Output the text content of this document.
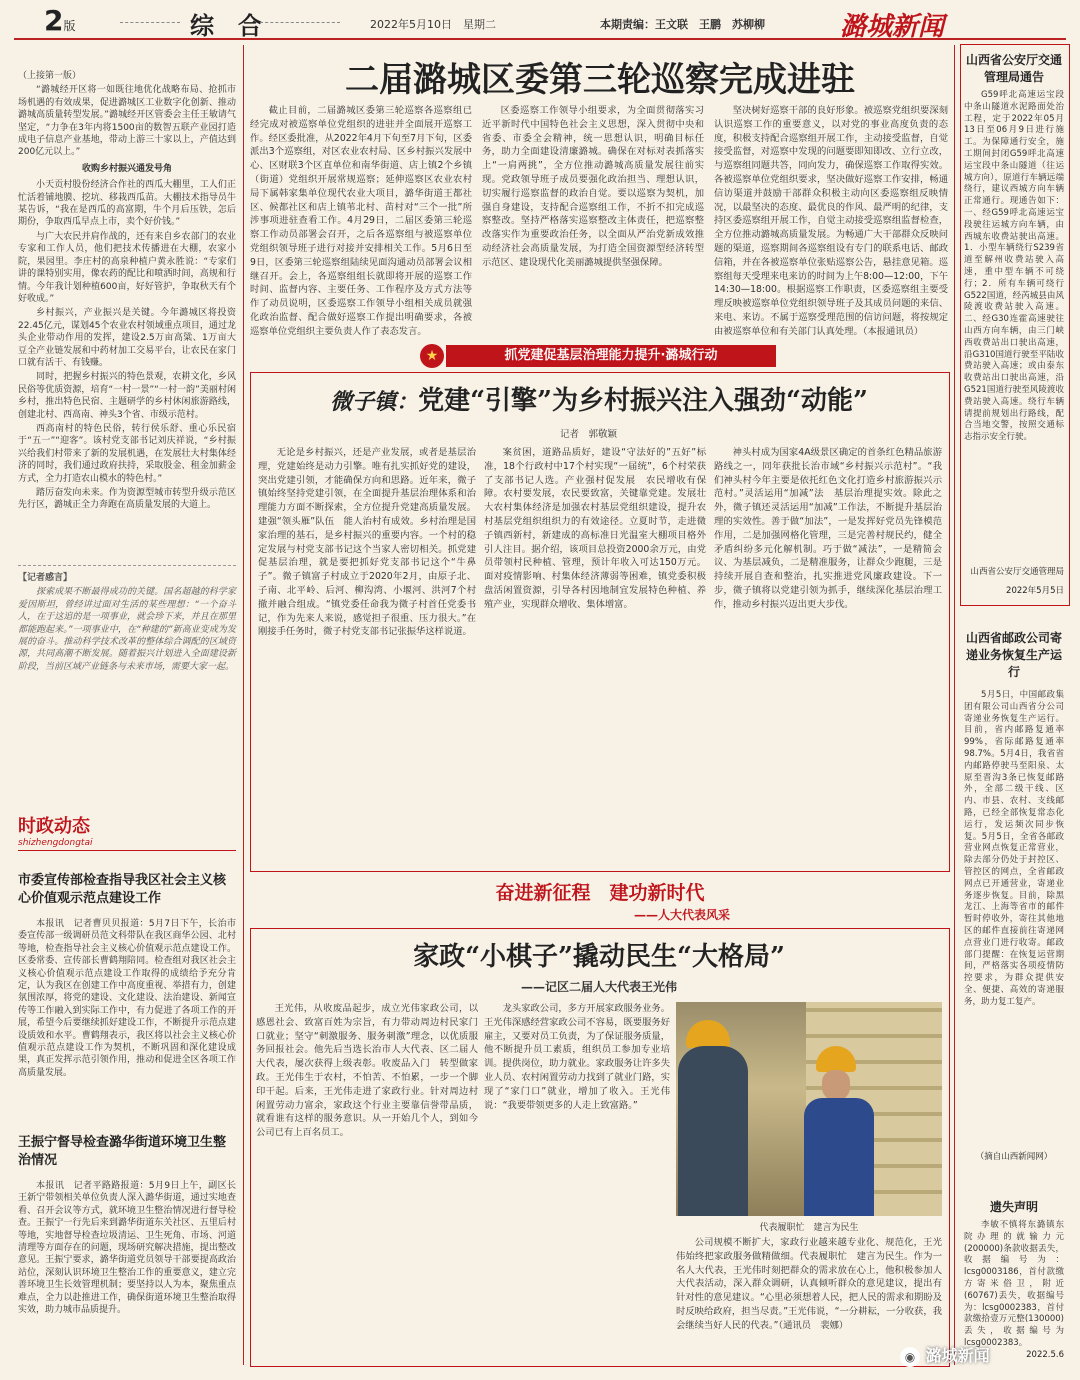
2版	综　合	2022年5月10日　星期二	本期责编：王文联　王鹏　苏柳柳	潞城新闻

（上接第一版）

“潞城经开区将一如既往地优化战略布局、抢抓市场机遇的有效成果，促进潞城区工业数字化创新、推动潞城高质量转型发展。”潞城经开区管委会主任王敏请气坚定，“力争在3年内将1500亩的数智五联产业园打造成电子信息产业基地，带动上游三十家以上，产值达到200亿元以上。”

收购乡村振兴通发号角

小天贡村股份经济合作社的西瓜大棚里，工人们正忙活着铺地膜、挖坑、移栽西瓜苗。大棚技术指导员牛某告诉，“我在是西瓜的高富期，牛个月后压铁，怎后期份，争取西瓜早点上市，卖个好价钱。”

与广大农民并肩作战的，还有来自乡农部门的农业专家和工作人员，他们把技术传播进在大棚，农家小院，果园里。李庄村的高泉种植户黄永胜说：“专家们讲的课特别实用，像农药的配比和喷洒时间，高规和行情。今年我计划种植600亩，好好管护，争取秋天有个好收成。”

乡村振兴，产业振兴是关键。今年潞城区将投资22.45亿元，谋划45个农业农村领域重点项目，通过龙头企业带动作用的发挥，建设2.5万亩高粱、1万亩大豆全产业链发展和中药材加工交易平台，让农民在家门口就有活干、有钱赚。

同时，把握乡村振兴的特色景观，农耕文化，乡风民俗等优质资源，培育“一村一景”“一村一韵”美丽村闲乡村，推出特色民宿、主题研学的乡村休闲旅游路线，创建北村、西高南、神头3个省、市级示范村。

西高南村的特色民俗，转行侯乐舒、重心乐民宿于“五一”“迎客”。该村党支部书记刘庆祥说，“乡村振兴给我们村带来了新的发展机遇，在发展壮大村集体经济的同时，我们通过政府扶持，采取股金、租金加薪金方式，全力打造农山模水的特色村。”

踏厉奋发向未来。作为资源型城市转型升级示范区先行区，潞城正全力奔跑在高质量发展的大道上。

【记者感言】

探索成果不断最得成功的关键。国名超越的科学家爱因斯坦，曾经讲过面对生活的某些理想：“一个奋斗人，在于这追的是一项事业，就会珍下来，并且在那里都能跑起来。”一项事业中，在“种建的”新高业变成为发展的奋斗。推动科学技术改革的整体综合调配的区域资源，共同高潮不断发展。随着振兴计划进入全面建设新阶段，当前区域产业链条与未来市场，需要大家一起。

时政动态
shizhengdongtai
市委宣传部检查指导我区社会主义核心价值观示范点建设工作

本报讯　记者曹贝贝报道：5月7日下午，长治市委宣传部一级调研员范文科带队在我区商华公园、北村等地，检查指导社会主义核心价值观示范点建设工作。区委常委、宣传部长曹鹤翔陪同。检查组对我区社会主义核心价值观示范点建设工作取得的成绩给予充分肯定，认为我区在创建工作中高度重视、举措有力，创建氛围浓厚，将党的建设、文化建设、法治建设、新闻宣传等工作融入到实际工作中，有力促进了各项工作的开展，希望今后要继续抓好建设工作，不断提升示范点建设质效和水平。曹鹤翔表示，我区将以社会主义核心价值观示范点建设工作为契机，不断巩固和深化建设成果，真正发挥示范引领作用，推动和促进全区各项工作高质量发展。

王振宁督导检查潞华街道环境卫生整治情况

本报讯　记者平路路报道：5月9日上午，副区长王新宁带领相关单位负责人深入潞华街道，通过实地查看、召开会议等方式，就环境卫生整治情况进行督导检查。王振宁一行先后来到潞华街道东关社区、五里后村等地，实地督导检查垃圾清运、卫生死角、市场、河道清理等方面存在的问题，现场研究解决措施，提出整改意见。王振宁要求，潞华街道党员领导干部要提高政治站位，深刻认识环境卫生整治工作的重要意义，建立完善环境卫生长效管理机制；要坚持以人为本，聚焦重点难点，全力以赴推进工作，确保街道环境卫生整治取得实效，助力城市品质提升。

山西省公安厅交通管理局通告

G59呼北高速运宝段中条山隧道水泥路面处治工程，定于2022年05月13日至06月9日进行施工。为保障通行安全，施工期间封闭G59呼北高速运宝段中条山隧道（往运城方向），原道行车辆远端绕行，建议西城方向车辆正常通行。现通告如下：一、经G59呼北高速运宝段驶往运城方向车辆，由西城东收费站驶出高速。1．小型车辆绕行S239省道至解州收费站驶入高速，重中型车辆不可绕行；2．所有车辆可绕行G522国道，经芮城县由风陵渡收费站驶入高速。二、经G30连霍高速驶往山西方向车辆，由三门峡西收费站出口驶出高速，沿G310国道行驶至平陆收费站驶入高速；或由泰东收费站出口驶出高速，沿G521国道行驶至风陵渡收费站驶入高速。绕行车辆请提前规划出行路线，配合当地交警，按照交通标志指示安全行驶。

山西省公安厅交通管理局
2022年5月5日
山西省邮政公司寄递业务恢复生产运行

5月5日，中国邮政集团有限公司山西省分公司寄递业务恢复生产运行。目前，省内邮路复通率99%，省际邮路复通率98.7%。5月4日，我省省内邮路停驶马至阳泉、太原至晋沟3条已恢复邮路外，全部二级干线、区内、市县、农村、支线邮路，已经全部恢复常态化运行，发运频次同步恢复。5月5日，全省各邮政营业网点恢复正常营业，除去部分仍处于封控区、管控区的网点，全省邮政网点已开通营业，寄递业务逐步恢复。目前，除黑龙江、上海等省市的邮件暂时停收外，寄往其他地区的邮件直接前往寄递网点营业门进行收寄。邮政部门提醒：在恢复运营期间，严格落实各项疫情防控要求，为群众提供安全、便捷、高效的寄递服务，助力复工复产。

（摘自山西新闻网）
遗失声明

李敏不慎将东潞镇东院办理的就输力元(200000)条款收据丢失，收据编号为：lcsg0003186，首付款缴方寄米俗卫，附近(60767)丢失，收据编号为：lcsg0002383，首付款缴拾壹万元整(130000)丢失，收据编号为lcsg0002383。

2022.5.6
二届潞城区委第三轮巡察完成进驻

截止目前，二届潞城区委第三轮巡察各巡察组已经完成对被巡察单位党组织的进驻并全面展开巡察工作。经区委批准，从2022年4月下旬至7月下旬，区委派出3个巡察组，对区农业农村局、区乡村振兴发展中心、区财联3个区直单位和南华街道、店上镇2个乡镇（街道）党组织开展常规巡察；延伸巡察区农业农村局下属韩家集单位现代农业大项目，潞华街道王都社区、候都社区和店上镇苇北村、苗村对“三个一批”所涉事项进驻查看工作。4月29日，二届区委第三轮巡察工作动员部署会召开，之后各巡察组与被巡察单位党组织领导班子进行对接并安排相关工作。5月6日至9日，区委第三轮巡察组陆续见面沟通动员部署会议相继召开。会上，各巡察组组长就即将开展的巡察工作时间、监督内容、主要任务、工作程序及方式方法等作了动员说明，区委巡察工作领导小组相关成员就强化政治监督、配合做好巡察工作提出明确要求，各被巡察单位党组织主要负责人作了表态发言。

区委巡察工作领导小组要求，为全面贯彻落实习近平新时代中国特色社会主义思想，深入贯彻中央和省委、市委全会精神，统一思想认识，明确目标任务，助力全面建设清廉潞城。确保在对标对表抓落实上“一肩两挑”，全方位推动潞城高质量发展往前实现。党政领导班子成员要强化政治担当、理想认识，切实履行巡察监督的政治自觉。要以巡察为契机，加强自身建设，支持配合巡察组工作，不折不扣完成巡察整改。坚持严格落实巡察整改主体责任，把巡察整改落实作为重要政治任务，以全面从严治党新成效推动经济社会高质量发展，为打造全国资源型经济转型示范区、建设现代化美丽潞城提供坚强保障。

坚决树好巡察干部的良好形象。被巡察党组织要深刻认识巡察工作的重要意义，以对党的事业高度负责的态度，积极支持配合巡察组开展工作，主动接受监督，自觉接受监督，对巡察中发现的问题要即知即改、立行立改，与巡察组同题共答，同向发力，确保巡察工作取得实效。各被巡察单位党组织要求，坚决做好巡察工作安排，畅通信访渠道并鼓励干部群众积极主动向区委巡察组反映情况，以最坚决的态度、最优良的作风、最严明的纪律，支持区委巡察组开展工作，自觉主动接受巡察组监督检查，全方位推动潞城高质量发展。为畅通广大干部群众反映问题的渠道，巡察期间各巡察组设有专门的联系电话、邮政信箱，并在各被巡察单位张贴巡察公告，悬挂意见箱。巡察组每天受理来电来访的时间为上午8:00—12:00，下午14:30—18:00。根据巡察工作职责，区委巡察组主要受理反映被巡察单位党组织领导班子及其成员问题的来信、来电、来访。不属于巡察受理范围的信访问题，将按规定由被巡察单位和有关部门认真处理。（本报通讯员）

★	抓党建促基层治理能力提升·潞城行动
微子镇：党建“引擎”为乡村振兴注入强劲“动能”
记者　郭敬颖

无论是乡村振兴，还是产业发展，或者是基层治理，党建始终是动力引擎。唯有扎实抓好党的建设，突出党建引领，才能确保方向和思路。近年来，微子镇始终坚持党建引领，在全面提升基层治理体系和治理能力方面不断探索，全方位提升党建高质量发展。建强“领头雁”队伍　能人治村有成效。乡村治理是国家治理的基石，是乡村振兴的重要内容。一个村的稳定发展与村党支部书记这个当家人密切相关。抓党建促基层治理，就是要把抓好党支部书记这个“牛鼻子”。微子镇富子村成立于2020年2月，由原子北、子南、北平岭、后河、柳沟湾、小堰河、洪河7个村撤并融合组成。“镇党委任命我为微子村首任党委书记，作为先来人来说，感觉担子很重、压力很大。”在刚接手任务时，微子村党支部书记张振华这样说道。

案贫困，道路品质好，建设“守法好的”五好”标准，18个行政村中17个村实现“一届统”，6个村荣获了支部书记人选。产业强村促发展　农民增收有保障。农村要发展，农民要致富，关键靠党建。发展壮大农村集体经济是加强农村基层党组织建设，提升农村基层党组织组织力的有效途径。立夏时节，走进微子镇西新村，新建成的高标准日光温室大棚项目格外引人注目。据介绍，该项目总投资2000余万元，由党员带领村民种植、管理，预计年收入可达150万元。面对疫情影响、村集体经济薄弱等困难，镇党委积极盘活闲置资源，引导各村因地制宜发展特色种植、养殖产业，实现群众增收、集体增富。

神头村成为国家4A级景区确定的首条红色精品旅游路线之一，同年获批长治市域“乡村振兴示范村”。“我们神头村今年主要是依托红色文化打造乡村旅游振兴示范村。”灵活运用“加减”法　基层治理提实效。除此之外，微子镇还灵活运用“加减”工作法，不断提升基层治理的实效性。善于做“加法”，一是发挥好党员先锋模范作用，二是加强网格化管理，三是完善村规民约，健全矛盾纠纷多元化解机制。巧于做“减法”，一是精简会议、为基层减负，二是精准服务，让群众少跑腿，三是持续开展自查和整治，扎实推进党风廉政建设。下一步，微子镇将以党建引领为抓手，继续深化基层治理工作，推动乡村振兴迈出更大步伐。

奋进新征程　建功新时代
——人大代表风采
家政“小棋子”撬动民生“大格局”
——记区二届人大代表王光伟

王光伟，从收废品起步，成立光伟家政公司，以感恩社会、致富百姓为宗旨，有力带动周边村民家门口就业；坚守“刺激服务、服务刺激”理念，以优质服务回报社会。他先后当选长治市人大代表、区二届人大代表，屡次获得上级表彰。收废品入门　转型做家政。王光伟生于农村，不怕苦、不怕累，一步一个脚印干起。后来，王光伟走进了家政行业。针对周边村闲置劳动力富余，家政这个行业主要靠信誉带品质，就看谁有这样的服务意识。从一开始几个人，到如今公司已有上百名员工。

龙头家政公司，多方开展家政服务业务。王光伟深感经营家政公司不容易，既要服务好雇主，又要对员工负责，为了保证服务质量，他不断提升员工素质，组织员工参加专业培训。提供岗位，助力就业。家政服务让许多失业人员、农村闲置劳动力找到了就业门路，实现了“家门口”就业，增加了收入。王光伟说：“我要带领更多的人走上致富路。”

代表履职忙　建言为民生

公司规模不断扩大，家政行业越来越专业化、规范化，王光伟始终把家政服务做精做细。代表履职忙　建言为民生。作为一名人大代表，王光伟时刻把群众的需求放在心上，他积极参加人大代表活动，深入群众调研，认真倾听群众的意见建议，提出有针对性的意见建议。“心里必须想着人民，把人民的需求和期盼及时反映给政府，担当尽责。”王光伟说，“一分耕耘，一分收获，我会继续当好人民的代表。”（通讯员　裴娜）

◉ 潞城新闻
